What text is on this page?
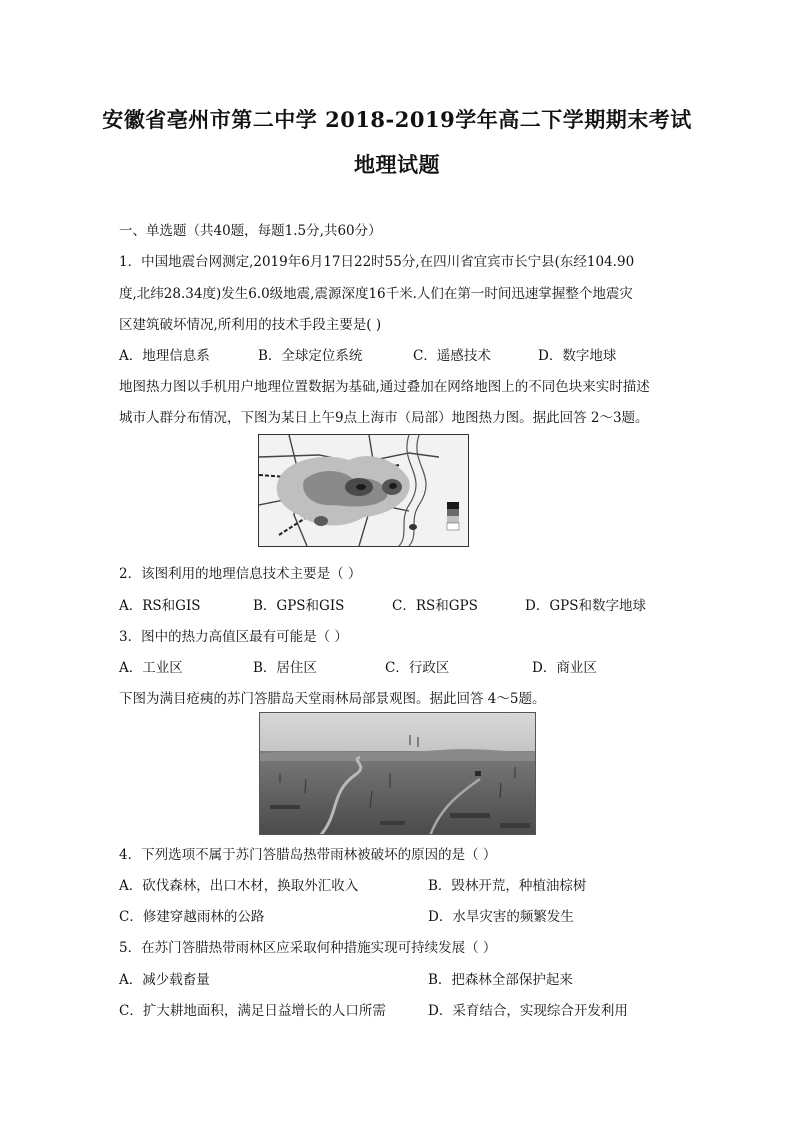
安徽省亳州市第二中学 2018-2019学年高二下学期期末考试
地理试题
一、单选题（共40题，每题1.5分,共60分）
1．中国地震台网测定,2019年6月17日22时55分,在四川省宜宾市长宁县(东经104.90
度,北纬28.34度)发生6.0级地震,震源深度16千米.人们在第一时间迅速掌握整个地震灾
区建筑破坏情况,所利用的技术手段主要是( )
A．地理信息系	B．全球定位系统	C．遥感技术	D．数字地球
地图热力图以手机用户地理位置数据为基础,通过叠加在网络地图上的不同色块来实时描述
城市人群分布情况，下图为某日上午9点上海市（局部）地图热力图。据此回答 2～3题。
2．该图利用的地理信息技术主要是（ ）
A．RS和GIS	B．GPS和GIS	C．RS和GPS	D．GPS和数字地球
3．图中的热力高值区最有可能是（ ）
A．工业区	B．居住区	C．行政区	D．商业区
下图为满目疮痍的苏门答腊岛天堂雨林局部景观图。据此回答 4～5题。
4．下列选项不属于苏门答腊岛热带雨林被破坏的原因的是（ ）
A．砍伐森林，出口木材，换取外汇收入	B．毁林开荒，种植油棕树
C．修建穿越雨林的公路	D．水旱灾害的频繁发生
5．在苏门答腊热带雨林区应采取何种措施实现可持续发展（ ）
A．减少载畜量	B．把森林全部保护起来
C．扩大耕地面积，满足日益增长的人口所需	D．采育结合，实现综合开发利用
